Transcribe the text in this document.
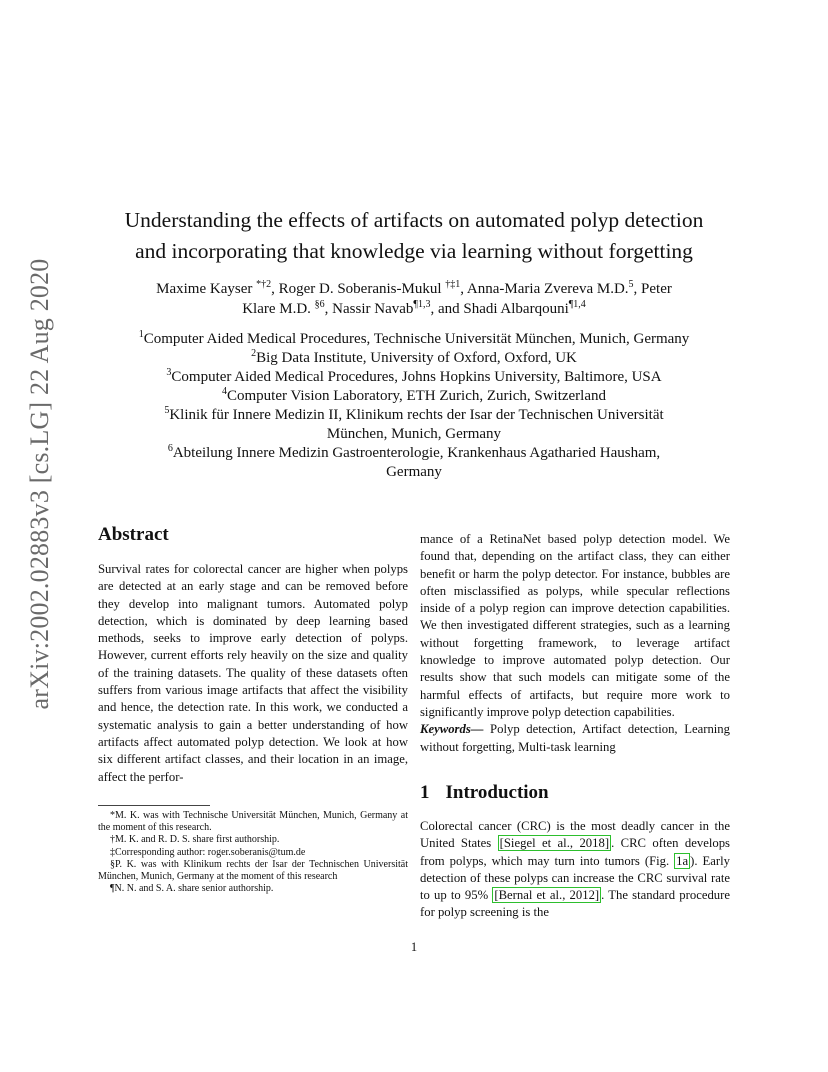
arXiv:2002.02883v3 [cs.LG] 22 Aug 2020
Understanding the effects of artifacts on automated polyp detection
and incorporating that knowledge via learning without forgetting
Maxime Kayser $^{*\dagger 2}$, Roger D. Soberanis-Mukul $^{\dagger\ddagger 1}$, Anna-Maria Zvereva M.D.$^5$, Peter
Klare M.D. $^{\S 6}$, Nassir Navab$^{\P 1,3}$, and Shadi Albarqouni$^{\P 1,4}$
$^1$Computer Aided Medical Procedures, Technische Universität München, Munich, Germany
$^2$Big Data Institute, University of Oxford, Oxford, UK
$^3$Computer Aided Medical Procedures, Johns Hopkins University, Baltimore, USA
$^4$Computer Vision Laboratory, ETH Zurich, Zurich, Switzerland
$^5$Klinik für Innere Medizin II, Klinikum rechts der Isar der Technischen Universität
München, Munich, Germany
$^6$Abteilung Innere Medizin Gastroenterologie, Krankenhaus Agatharied Hausham,
Germany
Abstract

Survival rates for colorectal cancer are higher when polyps are detected at an early stage and can be removed before they develop into malignant tumors. Automated polyp detection, which is dominated by deep learning based methods, seeks to improve early detection of polyps. However, current efforts rely heavily on the size and quality of the training datasets. The quality of these datasets often suffers from various image artifacts that affect the visibility and hence, the detection rate. In this work, we conducted a systematic analysis to gain a better understanding of how artifacts affect automated polyp detection. We look at how six different artifact classes, and their location in an image, affect the perfor-

mance of a RetinaNet based polyp detection model. We found that, depending on the artifact class, they can either benefit or harm the polyp detector. For instance, bubbles are often misclassified as polyps, while specular reflections inside of a polyp region can improve detection capabilities. We then investigated different strategies, such as a learning without forgetting framework, to leverage artifact knowledge to improve automated polyp detection. Our results show that such models can mitigate some of the harmful effects of artifacts, but require more work to significantly improve polyp detection capabilities.

Keywords— Polyp detection, Artifact detection, Learning without forgetting, Multi-task learning

1 Introduction

Colorectal cancer (CRC) is the most deadly cancer in the United States [Siegel et al., 2018] . CRC often develops from polyps, which may turn into tumors (Fig. 1a ). Early detection of these polyps can increase the CRC survival rate to up to 95% [Bernal et al., 2012] . The standard procedure for polyp screening is the

*M. K. was with Technische Universität München, Munich, Germany at the moment of this research.

†M. K. and R. D. S. share first authorship.

‡Corresponding author: roger.soberanis@tum.de

§P. K. was with Klinikum rechts der Isar der Technischen Universität München, Munich, Germany at the moment of this research

¶N. N. and S. A. share senior authorship.

1
